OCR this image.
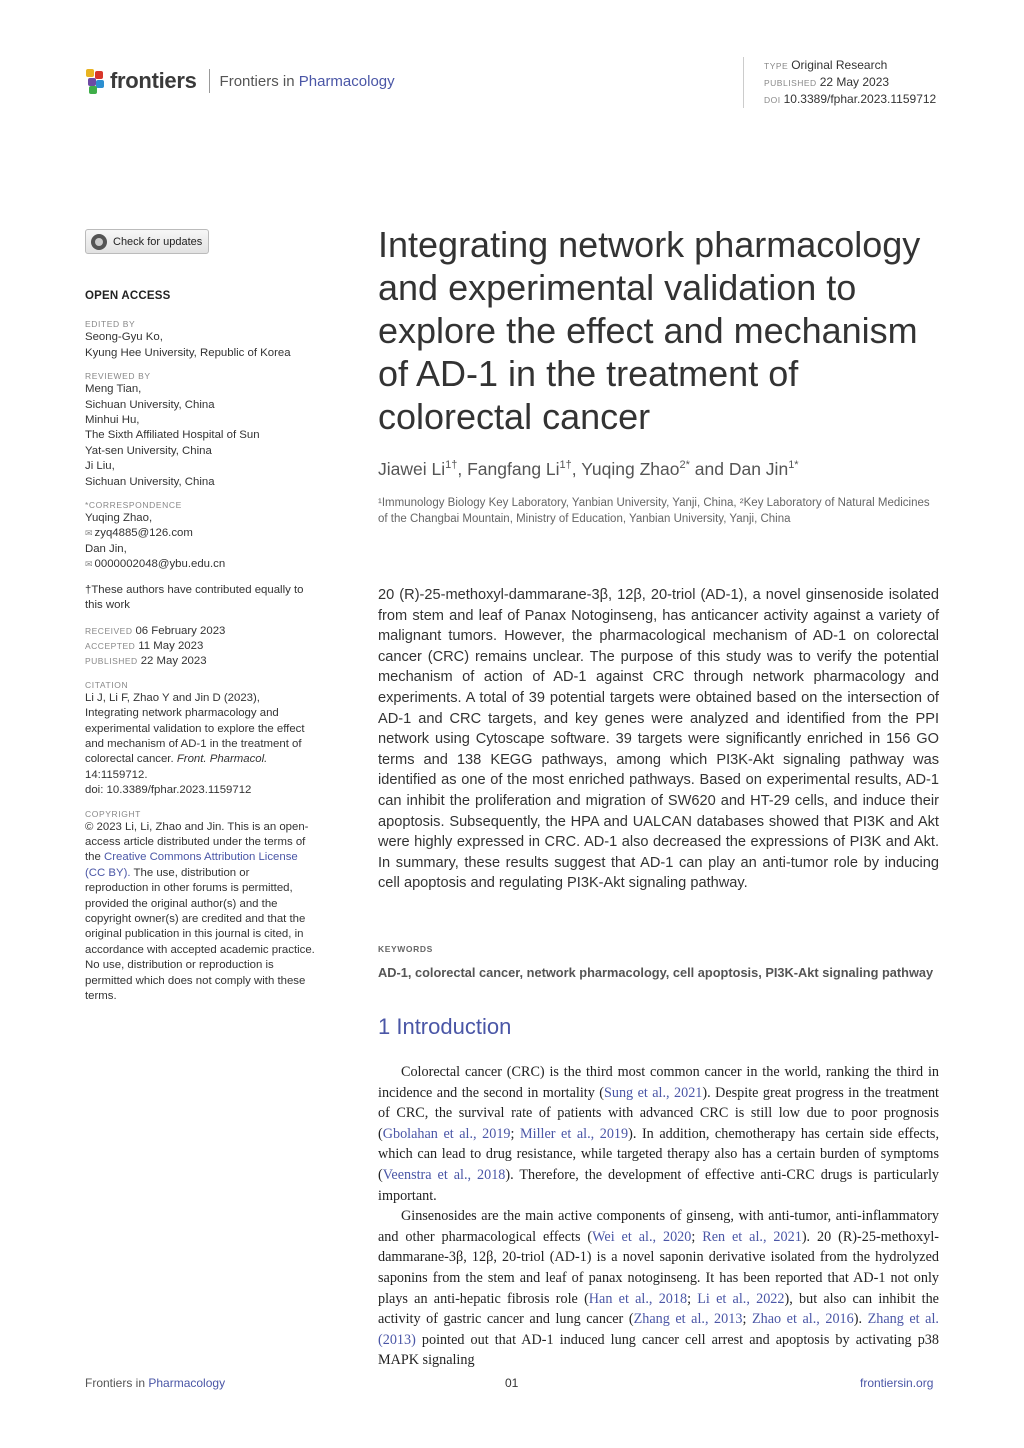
frontiers Frontiers in Pharmacology
TYPE Original Research
PUBLISHED 22 May 2023
DOI 10.3389/fphar.2023.1159712
Check for updates
OPEN ACCESS
EDITED BY
Seong-Gyu Ko,
Kyung Hee University, Republic of Korea
REVIEWED BY
Meng Tian,
Sichuan University, China
Minhui Hu,
The Sixth Affiliated Hospital of Sun
Yat-sen University, China
Ji Liu,
Sichuan University, China
*CORRESPONDENCE
Yuqing Zhao,
✉ zyq4885@126.com
Dan Jin,
✉ 0000002048@ybu.edu.cn
†These authors have contributed equally to this work
RECEIVED 06 February 2023
ACCEPTED 11 May 2023
PUBLISHED 22 May 2023
CITATION
Li J, Li F, Zhao Y and Jin D (2023), Integrating network pharmacology and experimental validation to explore the effect and mechanism of AD-1 in the treatment of colorectal cancer. Front. Pharmacol. 14:1159712.
doi: 10.3389/fphar.2023.1159712
COPYRIGHT
© 2023 Li, Li, Zhao and Jin. This is an open-access article distributed under the terms of the Creative Commons Attribution License (CC BY). The use, distribution or reproduction in other forums is permitted, provided the original author(s) and the copyright owner(s) are credited and that the original publication in this journal is cited, in accordance with accepted academic practice. No use, distribution or reproduction is permitted which does not comply with these terms.
Integrating network pharmacology and experimental validation to explore the effect and mechanism of AD-1 in the treatment of colorectal cancer
Jiawei $Li^{1\dagger}$, Fangfang $Li^{1\dagger}$, Yuqing Zhao$^{2*}$ and Dan Jin$^{1*}$
¹Immunology Biology Key Laboratory, Yanbian University, Yanji, China, ²Key Laboratory of Natural Medicines of the Changbai Mountain, Ministry of Education, Yanbian University, Yanji, China
20 (R)-25-methoxyl-dammarane-3β, 12β, 20-triol (AD-1), a novel ginsenoside isolated from stem and leaf of Panax Notoginseng, has anticancer activity against a variety of malignant tumors. However, the pharmacological mechanism of AD-1 on colorectal cancer (CRC) remains unclear. The purpose of this study was to verify the potential mechanism of action of AD-1 against CRC through network pharmacology and experiments. A total of 39 potential targets were obtained based on the intersection of AD-1 and CRC targets, and key genes were analyzed and identified from the PPI network using Cytoscape software. 39 targets were significantly enriched in 156 GO terms and 138 KEGG pathways, among which PI3K-Akt signaling pathway was identified as one of the most enriched pathways. Based on experimental results, AD-1 can inhibit the proliferation and migration of SW620 and HT-29 cells, and induce their apoptosis. Subsequently, the HPA and UALCAN databases showed that PI3K and Akt were highly expressed in CRC. AD-1 also decreased the expressions of PI3K and Akt. In summary, these results suggest that AD-1 can play an anti-tumor role by inducing cell apoptosis and regulating PI3K-Akt signaling pathway.
KEYWORDS
AD-1, colorectal cancer, network pharmacology, cell apoptosis, PI3K-Akt signaling pathway
1 Introduction

Colorectal cancer (CRC) is the third most common cancer in the world, ranking the third in incidence and the second in mortality (Sung et al., 2021). Despite great progress in the treatment of CRC, the survival rate of patients with advanced CRC is still low due to poor prognosis (Gbolahan et al., 2019; Miller et al., 2019). In addition, chemotherapy has certain side effects, which can lead to drug resistance, while targeted therapy also has a certain burden of symptoms (Veenstra et al., 2018). Therefore, the development of effective anti-CRC drugs is particularly important.

Ginsenosides are the main active components of ginseng, with anti-tumor, anti-inflammatory and other pharmacological effects (Wei et al., 2020; Ren et al., 2021). 20 (R)-25-methoxyl-dammarane-3β, 12β, 20-triol (AD-1) is a novel saponin derivative isolated from the hydrolyzed saponins from the stem and leaf of panax notoginseng. It has been reported that AD-1 not only plays an anti-hepatic fibrosis role (Han et al., 2018; Li et al., 2022), but also can inhibit the activity of gastric cancer and lung cancer (Zhang et al., 2013; Zhao et al., 2016). Zhang et al. (2013) pointed out that AD-1 induced lung cancer cell arrest and apoptosis by activating p38 MAPK signaling

Frontiers in Pharmacology	01	frontiersin.org
